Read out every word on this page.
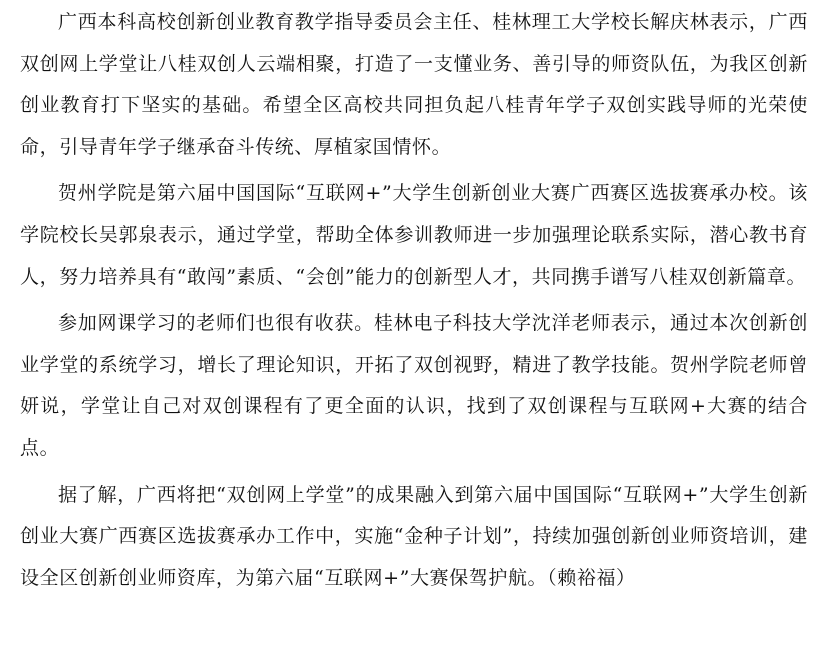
广西本科高校创新创业教育教学指导委员会主任、桂林理工大学校长解庆林表示，广西双创网上学堂让八桂双创人云端相聚，打造了一支懂业务、善引导的师资队伍，为我区创新创业教育打下坚实的基础。希望全区高校共同担负起八桂青年学子双创实践导师的光荣使命，引导青年学子继承奋斗传统、厚植家国情怀。

贺州学院是第六届中国国际“互联网+”大学生创新创业大赛广西赛区选拔赛承办校。该学院校长吴郭泉表示，通过学堂，帮助全体参训教师进一步加强理论联系实际，潜心教书育人，努力培养具有“敢闯”素质、“会创”能力的创新型人才，共同携手谱写八桂双创新篇章。

参加网课学习的老师们也很有收获。桂林电子科技大学沈洋老师表示，通过本次创新创业学堂的系统学习，增长了理论知识，开拓了双创视野，精进了教学技能。贺州学院老师曾妍说，学堂让自己对双创课程有了更全面的认识，找到了双创课程与互联网+大赛的结合点。

据了解，广西将把“双创网上学堂”的成果融入到第六届中国国际“互联网+”大学生创新创业大赛广西赛区选拔赛承办工作中，实施“金种子计划”，持续加强创新创业师资培训，建设全区创新创业师资库，为第六届“互联网+”大赛保驾护航。（赖裕福）
